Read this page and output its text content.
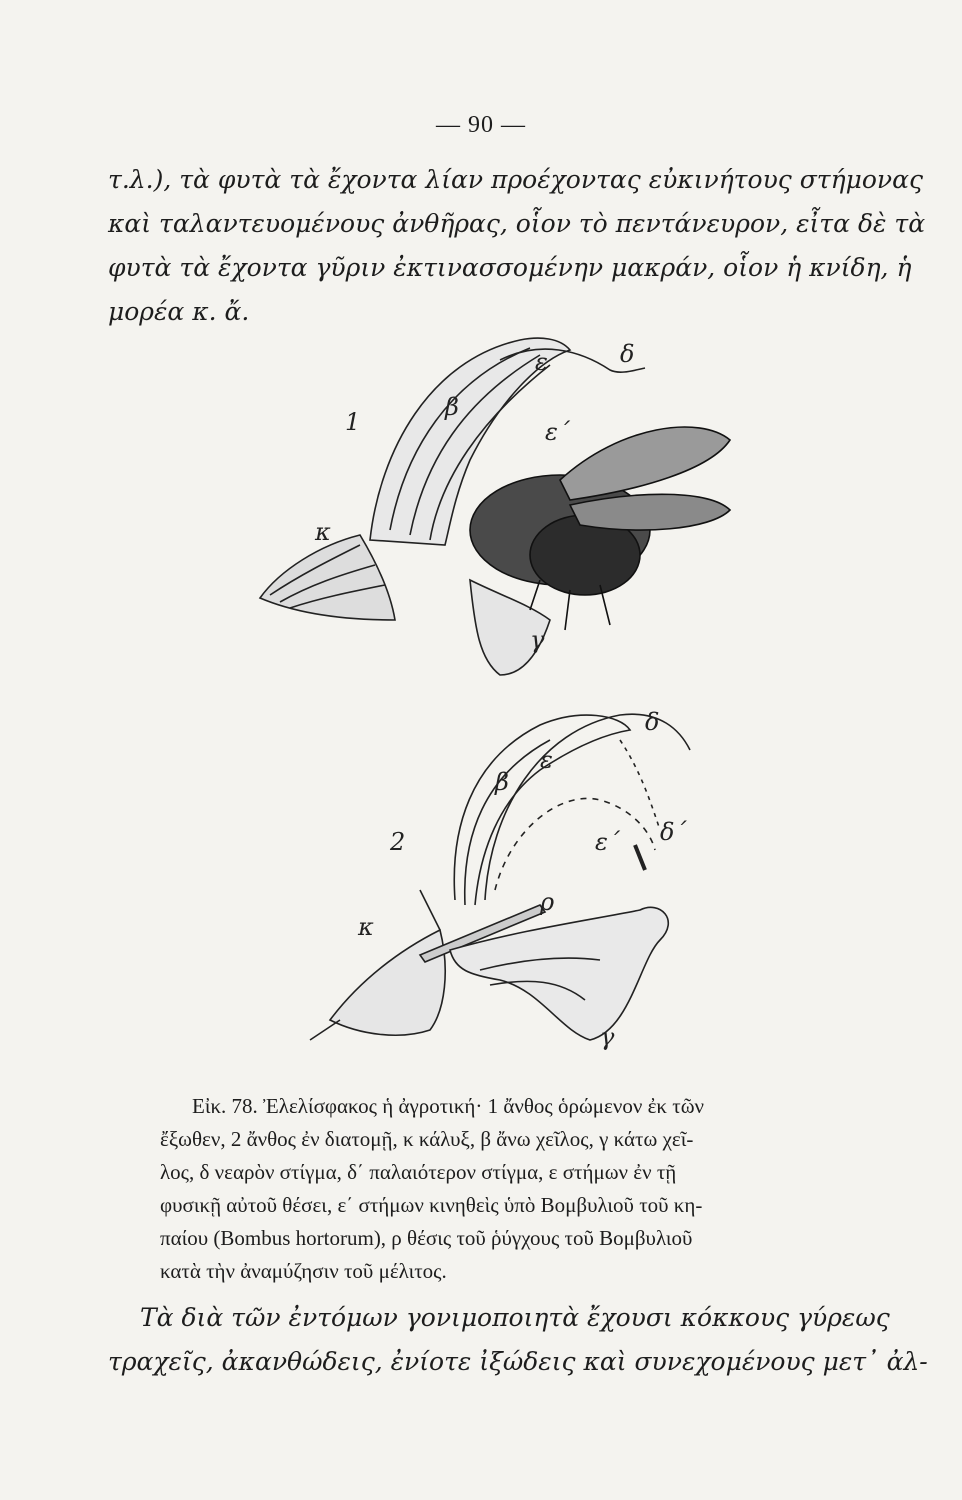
— 90 —
τ.λ.), τὰ φυτὰ τὰ ἔχοντα λίαν προέχοντας εὐκινήτους στήμονας
καὶ ταλαντευομένους ἀνθῆρας, οἷον τὸ πεντάνευρον, εἶτα δὲ τὰ
φυτὰ τὰ ἔχοντα γῦριν ἐκτινασσομένην μακράν, οἷον ἡ κνίδη, ἡ
μορέα κ. ἄ.
1
ε	δ
β
ε΄
κ
γ
2
ε
δ
β
ε΄ δ΄
κ
ρ
γ
Εἰκ. 78. Ἐλελίσφακος ἡ ἀγροτική· 1 ἄνθος ὁρώμενον ἐκ τῶν
ἔξωθεν, 2 ἄνθος ἐν διατομῇ, κ κάλυξ, β ἄνω χεῖλος, γ κάτω χεῖ-
λος, δ νεαρὸν στίγμα, δ΄ παλαιότερον στίγμα, ε στήμων ἐν τῇ
φυσικῇ αὐτοῦ θέσει, ε΄ στήμων κινηθεὶς ὑπὸ Βομβυλιοῦ τοῦ κη-
παίου (Bombus hortorum), ρ θέσις τοῦ ῥύγχους τοῦ Βομβυλιοῦ
κατὰ τὴν ἀναμύζησιν τοῦ μέλιτος.
Τὰ διὰ τῶν ἐντόμων γονιμοποιητὰ ἔχουσι κόκκους γύρεως
τραχεῖς, ἀκανθώδεις, ἐνίοτε ἰξώδεις καὶ συνεχομένους μετ᾿ ἀλ-
